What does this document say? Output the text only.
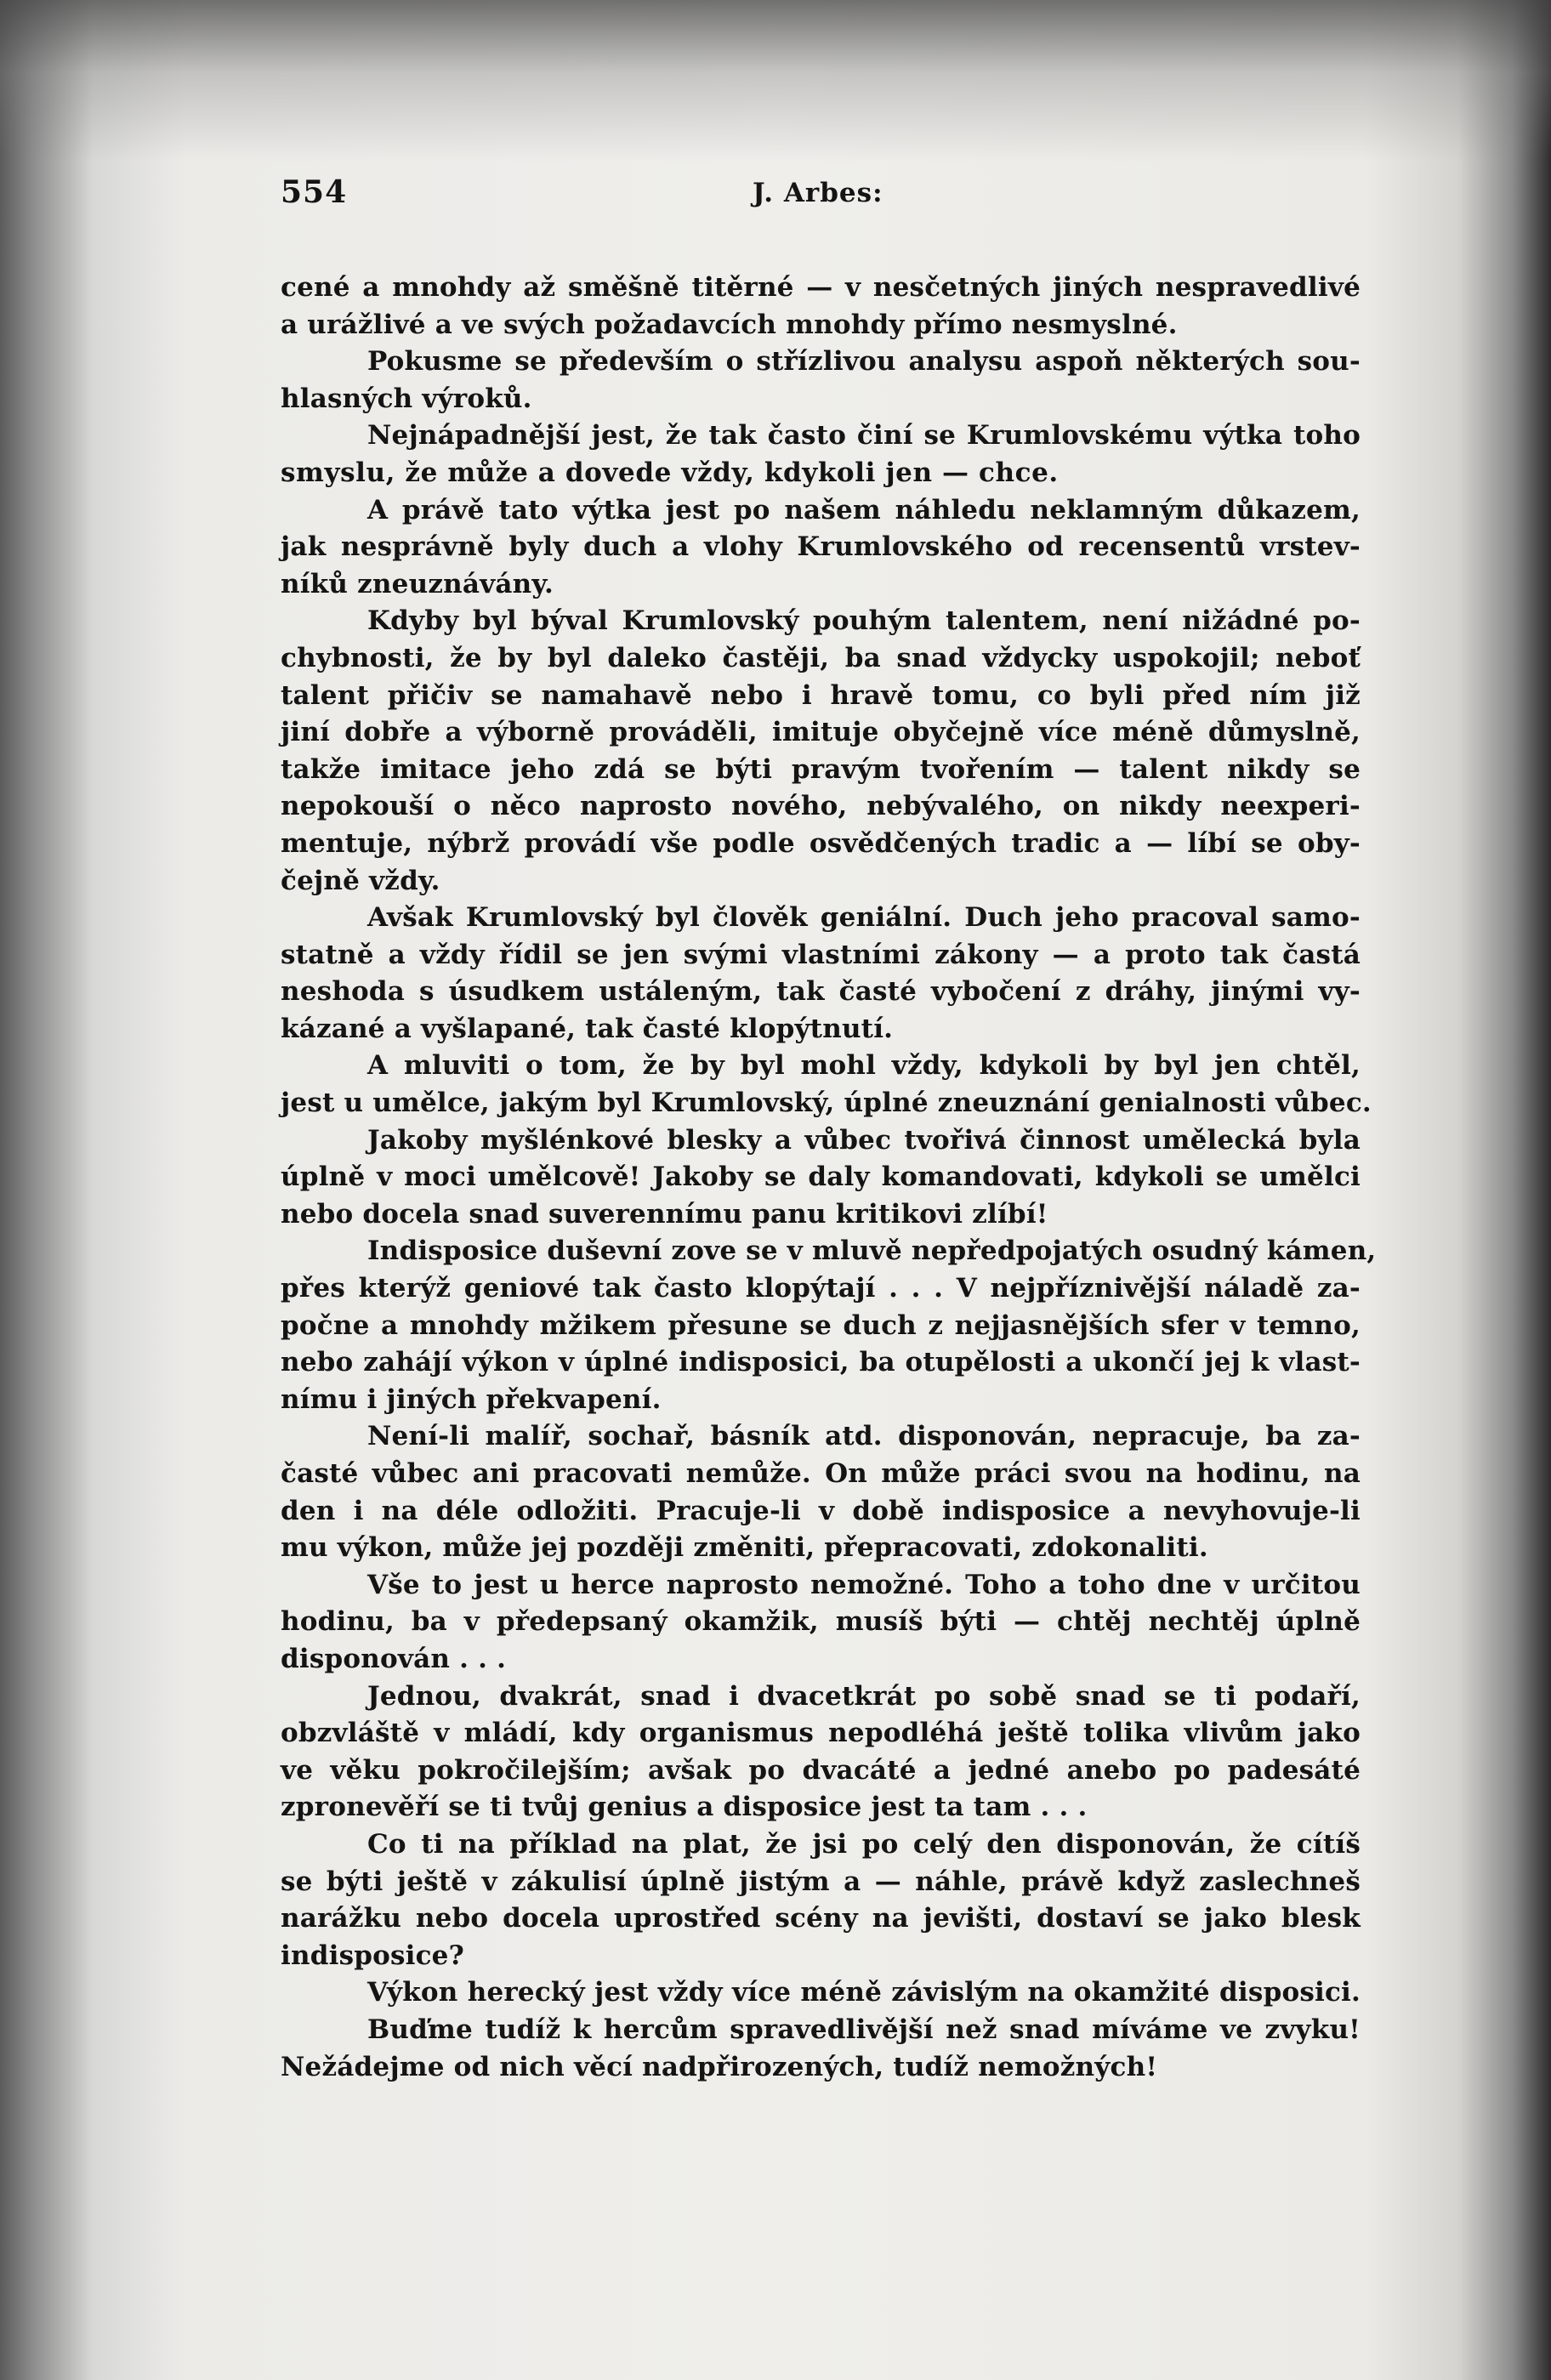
554	J. Arbes:
cené a mnohdy až směšně titěrné — v nesčetných jiných nespravedlivé
a urážlivé a ve svých požadavcích mnohdy přímo nesmyslné.
Pokusme se především o střízlivou analysu aspoň některých sou-
hlasných výroků.
Nejnápadnější jest, že tak často činí se Krumlovskému výtka toho
smyslu, že může a dovede vždy, kdykoli jen — chce.
A právě tato výtka jest po našem náhledu neklamným důkazem,
jak nesprávně byly duch a vlohy Krumlovského od recensentů vrstev-
níků zneuznávány.
Kdyby byl býval Krumlovský pouhým talentem, není nižádné po-
chybnosti, že by byl daleko častěji, ba snad vždycky uspokojil; neboť
talent přičiv se namahavě nebo i hravě tomu, co byli před ním již
jiní dobře a výborně prováděli, imituje obyčejně více méně důmyslně,
takže imitace jeho zdá se býti pravým tvořením — talent nikdy se
nepokouší o něco naprosto nového, nebývalého, on nikdy neexperi-
mentuje, nýbrž provádí vše podle osvědčených tradic a — líbí se oby-
čejně vždy.
Avšak Krumlovský byl člověk geniální. Duch jeho pracoval samo-
statně a vždy řídil se jen svými vlastními zákony — a proto tak častá
neshoda s úsudkem ustáleným, tak časté vybočení z dráhy, jinými vy-
kázané a vyšlapané, tak časté klopýtnutí.
A mluviti o tom, že by byl mohl vždy, kdykoli by byl jen chtěl,
jest u umělce, jakým byl Krumlovský, úplné zneuznání genialnosti vůbec.
Jakoby myšlénkové blesky a vůbec tvořivá činnost umělecká byla
úplně v moci umělcově! Jakoby se daly komandovati, kdykoli se umělci
nebo docela snad suverennímu panu kritikovi zlíbí!
Indisposice duševní zove se v mluvě nepředpojatých osudný kámen,
přes kterýž geniové tak často klopýtají . . . V nejpříznivější náladě za-
počne a mnohdy mžikem přesune se duch z nejjasnějších sfer v temno,
nebo zahájí výkon v úplné indisposici, ba otupělosti a ukončí jej k vlast-
nímu i jiných překvapení.
Není-li malíř, sochař, básník atd. disponován, nepracuje, ba za-
časté vůbec ani pracovati nemůže. On může práci svou na hodinu, na
den i na déle odložiti. Pracuje-li v době indisposice a nevyhovuje-li
mu výkon, může jej později změniti, přepracovati, zdokonaliti.
Vše to jest u herce naprosto nemožné. Toho a toho dne v určitou
hodinu, ba v předepsaný okamžik, musíš býti — chtěj nechtěj úplně
disponován . . .
Jednou, dvakrát, snad i dvacetkrát po sobě snad se ti podaří,
obzvláště v mládí, kdy organismus nepodléhá ještě tolika vlivům jako
ve věku pokročilejším; avšak po dvacáté a jedné anebo po padesáté
zpronevěří se ti tvůj genius a disposice jest ta tam . . .
Co ti na příklad na plat, že jsi po celý den disponován, že cítíš
se býti ještě v zákulisí úplně jistým a — náhle, právě když zaslechneš
narážku nebo docela uprostřed scény na jevišti, dostaví se jako blesk
indisposice?
Výkon herecký jest vždy více méně závislým na okamžité disposici.
Buďme tudíž k hercům spravedlivější než snad míváme ve zvyku!
Nežádejme od nich věcí nadpřirozených, tudíž nemožných!
